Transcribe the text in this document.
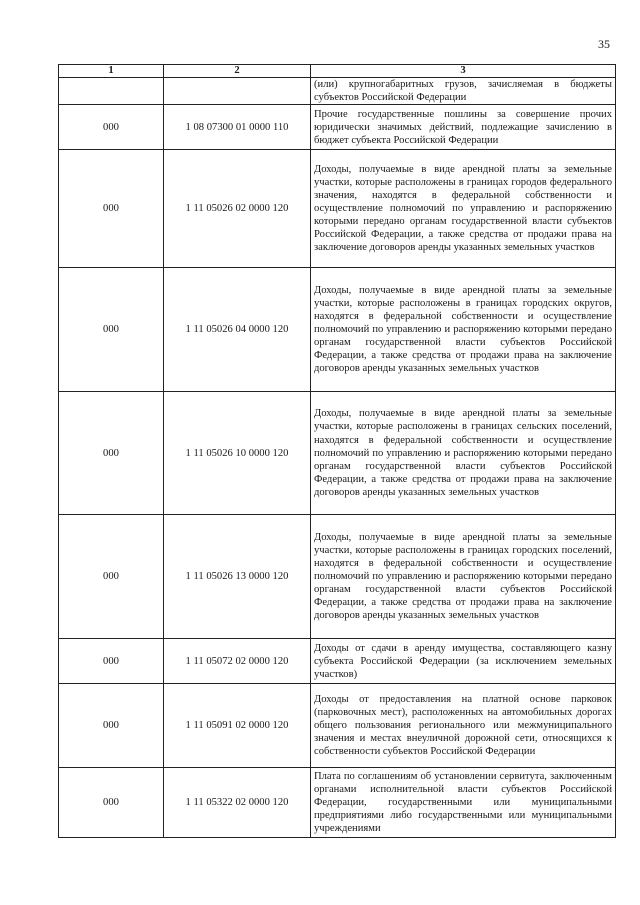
35
1	2	3
		(или) крупногабаритных грузов, зачисляемая в бюджеты субъектов Российской Федерации
000	1 08 07300 01 0000 110	Прочие государственные пошлины за совершение прочих юридически значимых действий, подлежащие зачислению в бюджет субъекта Российской Федерации
000	1 11 05026 02 0000 120	Доходы, получаемые в виде арендной платы за земельные участки, которые расположены в границах городов федерального значения, находятся в федеральной собственности и осуществление полномочий по управлению и распоряжению которыми передано органам государственной власти субъектов Российской Федерации, а также средства от продажи права на заключение договоров аренды указанных земельных участков
000	1 11 05026 04 0000 120	Доходы, получаемые в виде арендной платы за земельные участки, которые расположены в границах городских округов, находятся в федеральной собственности и осуществление полномочий по управлению и распоряжению которыми передано органам государственной власти субъектов Российской Федерации, а также средства от продажи права на заключение договоров аренды указанных земельных участков
000	1 11 05026 10 0000 120	Доходы, получаемые в виде арендной платы за земельные участки, которые расположены в границах сельских поселений, находятся в федеральной собственности и осуществление полномочий по управлению и распоряжению которыми передано органам государственной власти субъектов Российской Федерации, а также средства от продажи права на заключение договоров аренды указанных земельных участков
000	1 11 05026 13 0000 120	Доходы, получаемые в виде арендной платы за земельные участки, которые расположены в границах городских поселений, находятся в федеральной собственности и осуществление полномочий по управлению и распоряжению которыми передано органам государственной власти субъектов Российской Федерации, а также средства от продажи права на заключение договоров аренды указанных земельных участков
000	1 11 05072 02 0000 120	Доходы от сдачи в аренду имущества, составляющего казну субъекта Российской Федерации (за исключением земельных участков)
000	1 11 05091 02 0000 120	Доходы от предоставления на платной основе парковок (парковочных мест), расположенных на автомобильных дорогах общего пользования регионального или межмуниципального значения и местах внеуличной дорожной сети, относящихся к собственности субъектов Российской Федерации
000	1 11 05322 02 0000 120	Плата по соглашениям об установлении сервитута, заключенным органами исполнительной власти субъектов Российской Федерации, государственными или муниципальными предприятиями либо государственными или муниципальными учреждениями
